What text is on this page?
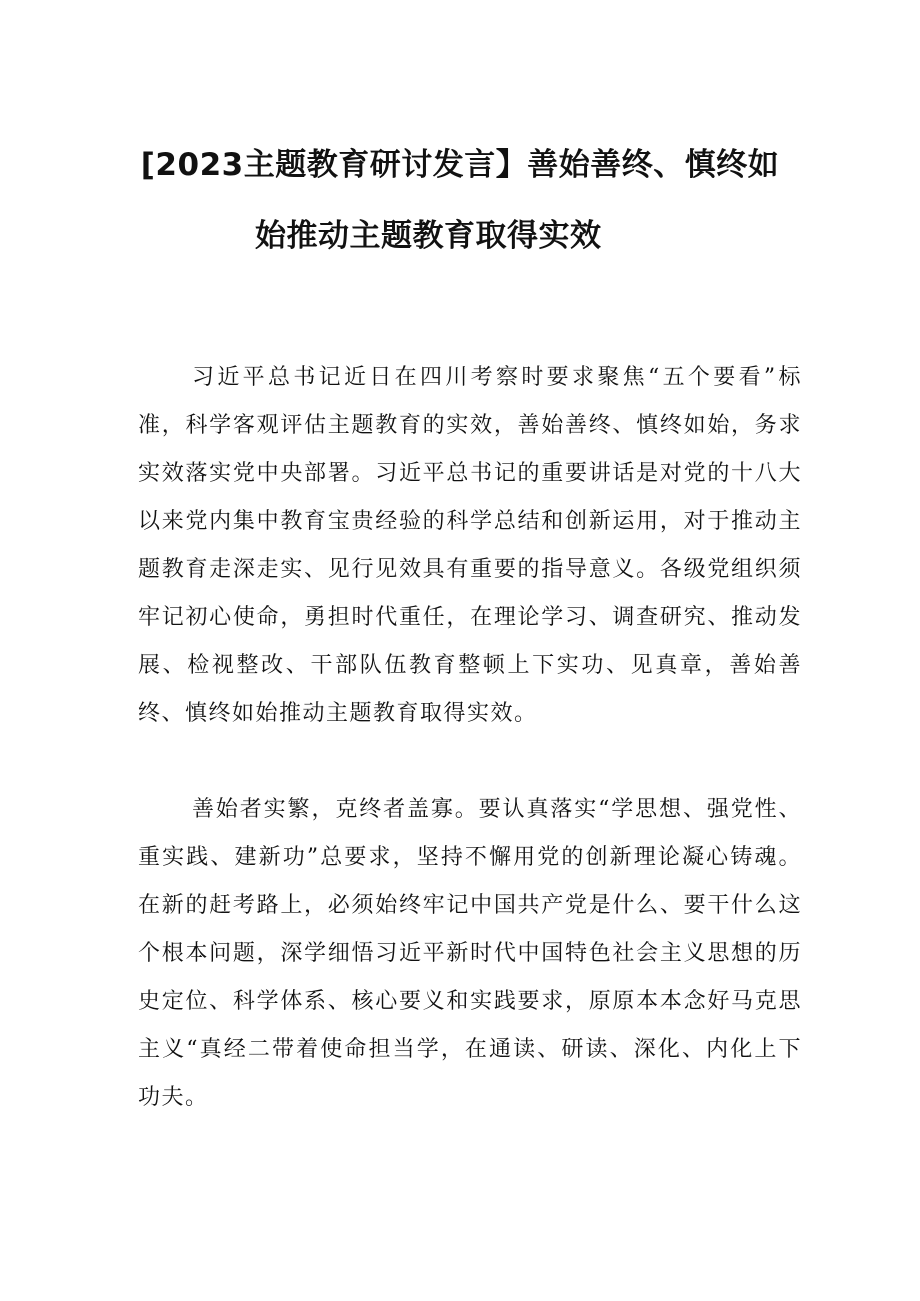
[2023主题教育研讨发言】善始善终、慎终如
始推动主题教育取得实效

习近平总书记近日在四川考察时要求聚焦“五个要看”标准，科学客观评估主题教育的实效，善始善终、慎终如始，务求实效落实党中央部署。习近平总书记的重要讲话是对党的十八大以来党内集中教育宝贵经验的科学总结和创新运用，对于推动主题教育走深走实、见行见效具有重要的指导意义。各级党组织须牢记初心使命，勇担时代重任，在理论学习、调查研究、推动发展、检视整改、干部队伍教育整顿上下实功、见真章，善始善终、慎终如始推动主题教育取得实效。

善始者实繁，克终者盖寡。要认真落实“学思想、强党性、重实践、建新功”总要求，坚持不懈用党的创新理论凝心铸魂。在新的赶考路上，必须始终牢记中国共产党是什么、要干什么这个根本问题，深学细悟习近平新时代中国特色社会主义思想的历史定位、科学体系、核心要义和实践要求，原原本本念好马克思主义“真经二带着使命担当学，在通读、研读、深化、内化上下功夫。
